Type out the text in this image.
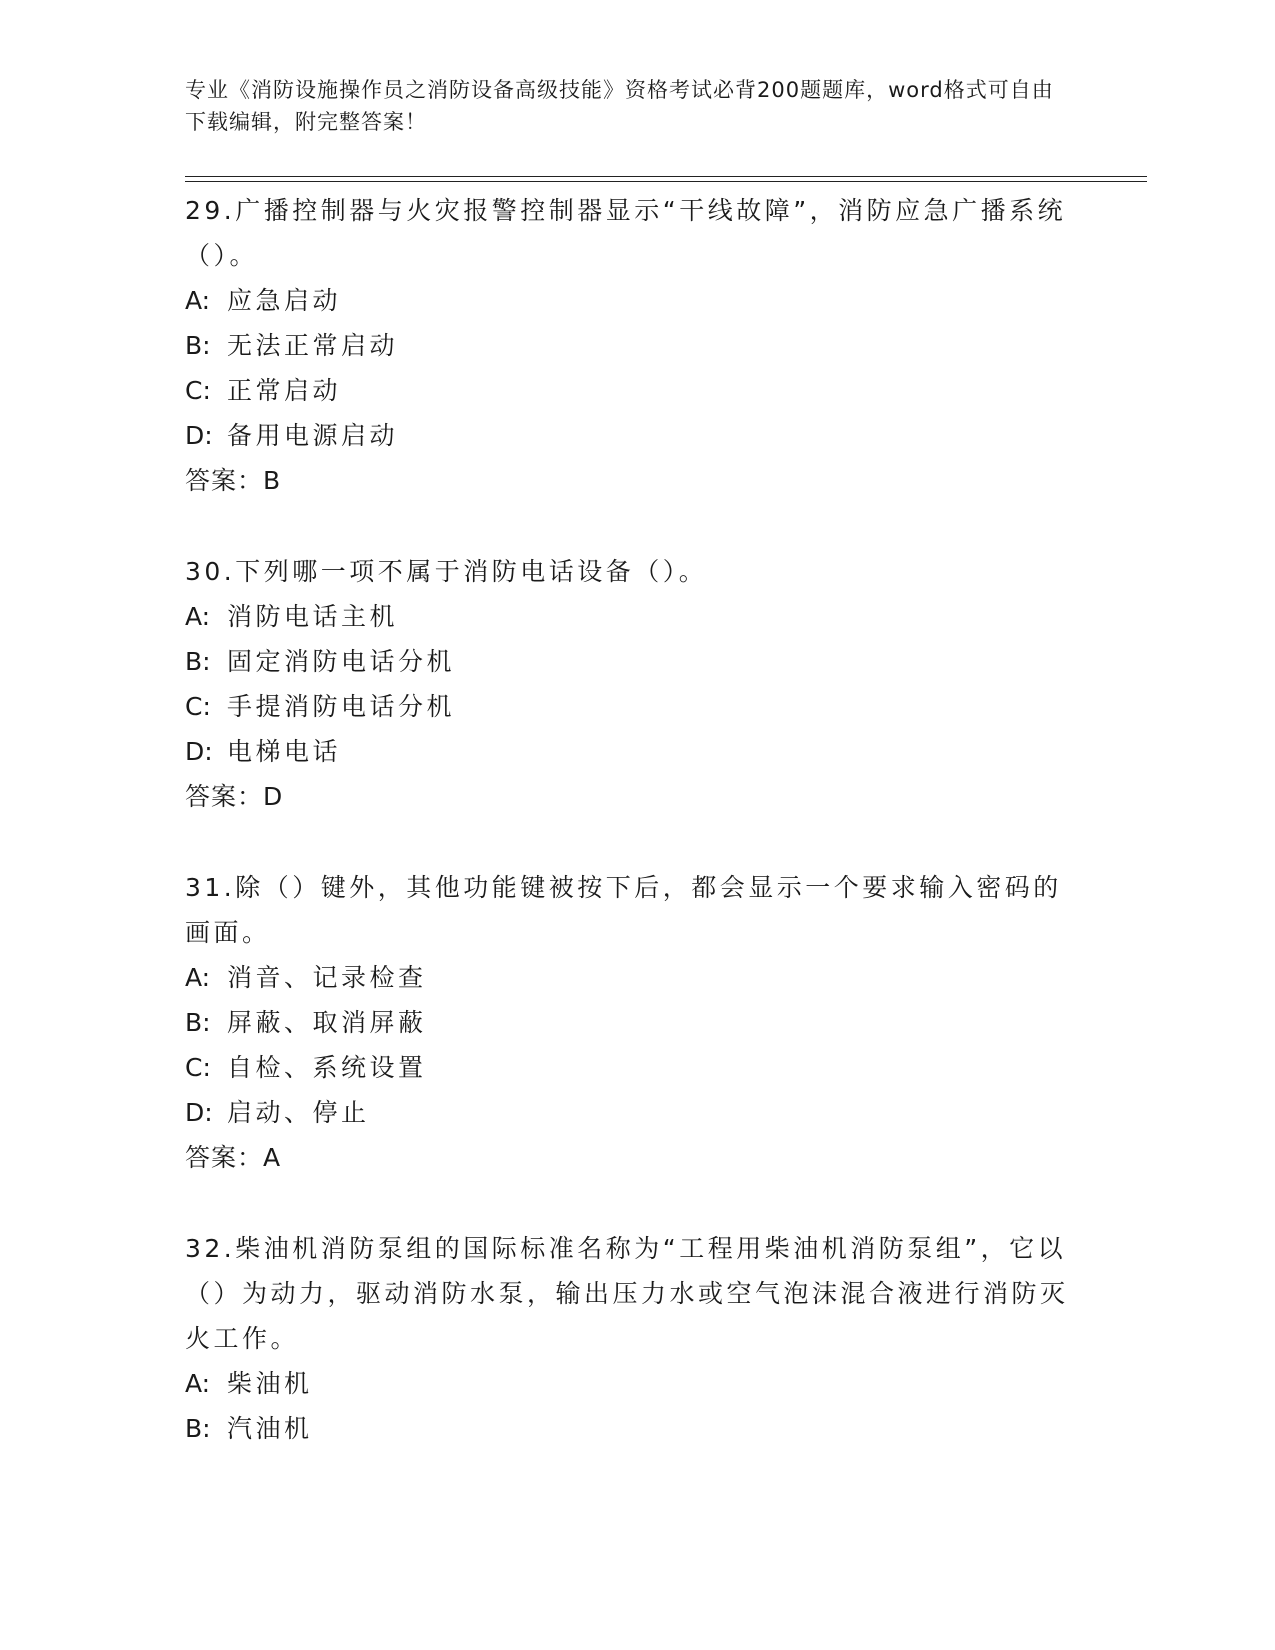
专业《消防设施操作员之消防设备高级技能》资格考试必背200题题库，word格式可自由下载编辑，附完整答案！

29.广播控制器与火灾报警控制器显示“干线故障”，消防应急广播系统（）。

A: 应急启动

B: 无法正常启动

C: 正常启动

D: 备用电源启动

答案：B

30.下列哪一项不属于消防电话设备（）。

A: 消防电话主机

B: 固定消防电话分机

C: 手提消防电话分机

D: 电梯电话

答案：D

31.除（）键外，其他功能键被按下后，都会显示一个要求输入密码的画面。

A: 消音、记录检查

B: 屏蔽、取消屏蔽

C: 自检、系统设置

D: 启动、停止

答案：A

32.柴油机消防泵组的国际标准名称为“工程用柴油机消防泵组”，它以（）为动力，驱动消防水泵，输出压力水或空气泡沫混合液进行消防灭火工作。

A: 柴油机

B: 汽油机
